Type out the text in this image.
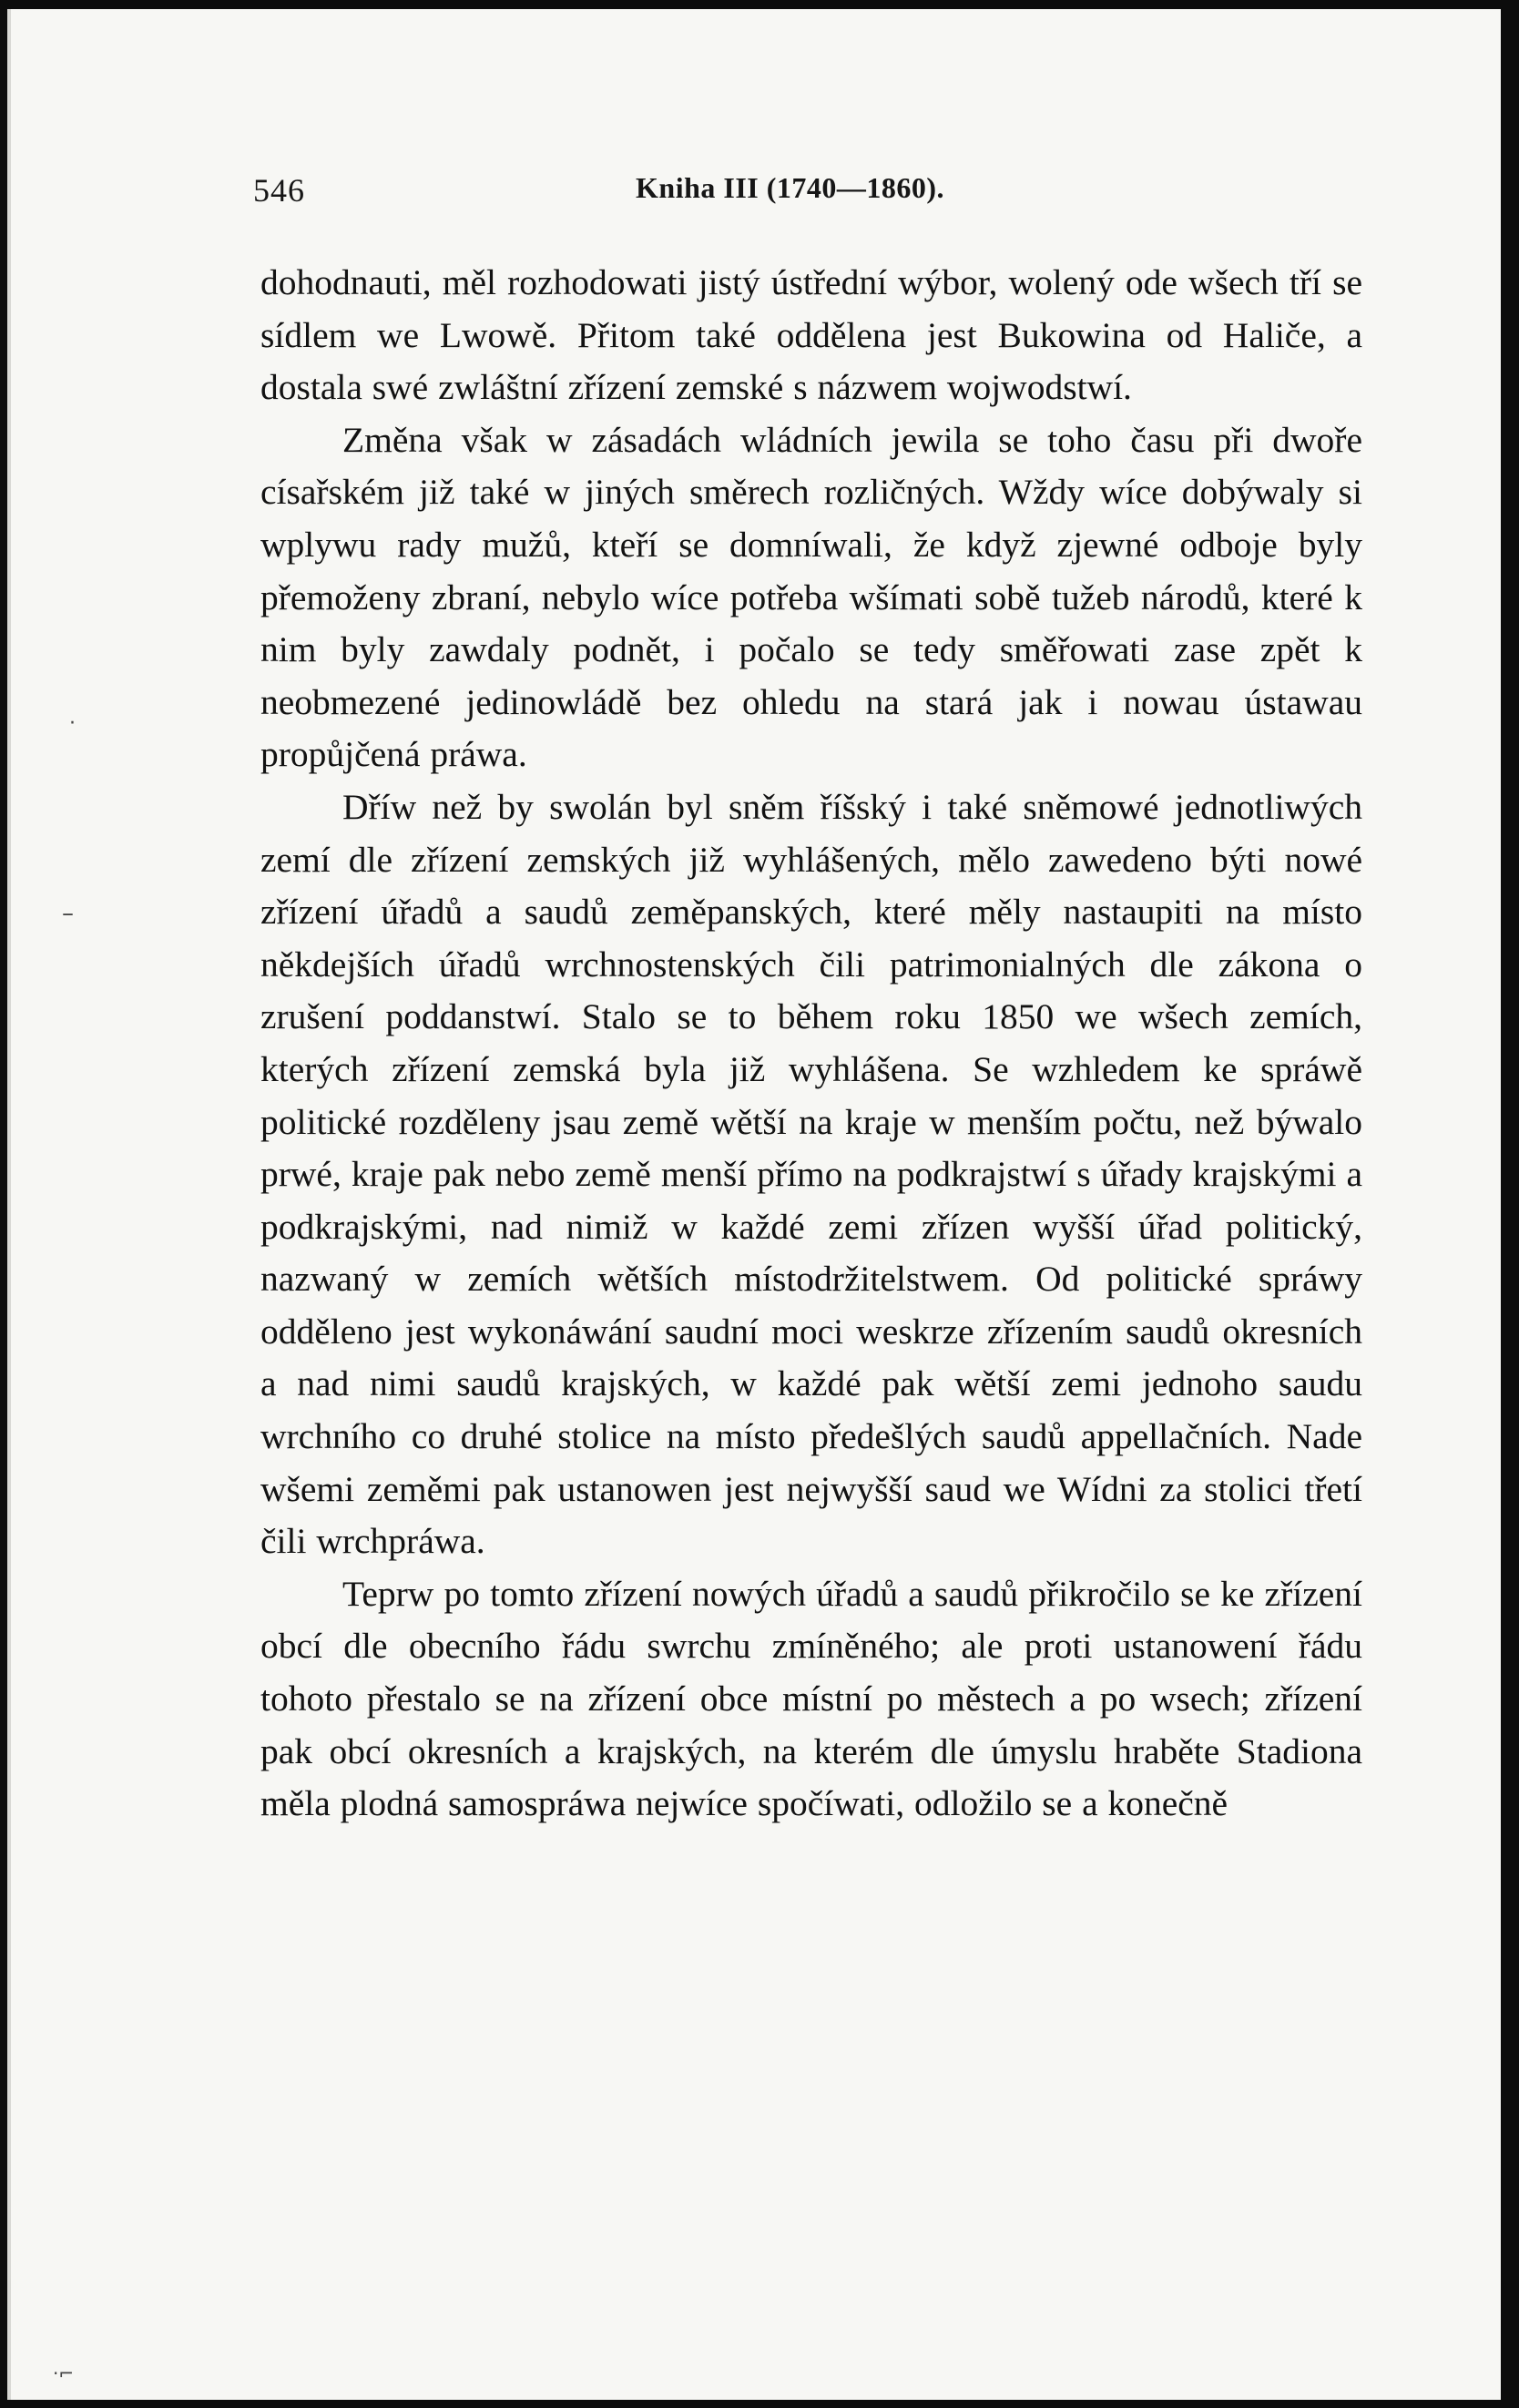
546	Kniha III (1740—1860).

dohodnauti, měl rozhodowati jistý ústřední wýbor, wolený ode wšech tří se sídlem we Lwowě. Přitom také oddělena jest Bukowina od Haliče, a dostala swé zwláštní zřízení zemské s názwem wojwodstwí.

Změna však w zásadách wládních jewila se toho času při dwoře císařském již také w jiných směrech rozličných. Wždy wíce dobýwaly si wplywu rady mužů, kteří se domníwali, že když zjewné odboje byly přemoženy zbraní, nebylo wíce potřeba wšímati sobě tužeb národů, které k nim byly zawdaly podnět, i počalo se tedy směřowati zase zpět k neobmezené jedinowládě bez ohledu na stará jak i nowau ústawau propůjčená práwa.

Dříw než by swolán byl sněm říšský i také sněmowé jednotliwých zemí dle zřízení zemských již wyhlášených, mělo zawedeno býti nowé zřízení úřadů a saudů zeměpanských, které měly nastaupiti na místo někdejších úřadů wrchnostenských čili patrimonialných dle zákona o zrušení poddanstwí. Stalo se to během roku 1850 we wšech zemích, kterých zřízení zemská byla již wyhlášena. Se wzhledem ke spráwě politické rozděleny jsau země wětší na kraje w menším počtu, než býwalo prwé, kraje pak nebo země menší přímo na podkrajstwí s úřady krajskými a podkrajskými, nad nimiž w každé zemi zřízen wyšší úřad politický, nazwaný w zemích wětších místodržitelstwem. Od politické spráwy odděleno jest wykonáwání saudní moci weskrze zřízením saudů okresních a nad nimi saudů krajských, w každé pak wětší zemi jednoho saudu wrchního co druhé stolice na místo předešlých saudů appellačních. Nade wšemi zeměmi pak ustanowen jest nejwyšší saud we Wídni za stolici třetí čili wrchpráwa.

Teprw po tomto zřízení nowých úřadů a saudů přikročilo se ke zřízení obcí dle obecního řádu swrchu zmíněného; ale proti ustanowení řádu tohoto přestalo se na zřízení obce místní po městech a po wsech; zřízení pak obcí okresních a krajských, na kterém dle úmyslu hraběte Stadiona měla plodná samospráwa nejwíce spočíwati, odložilo se a konečně

·
–
·⌐
